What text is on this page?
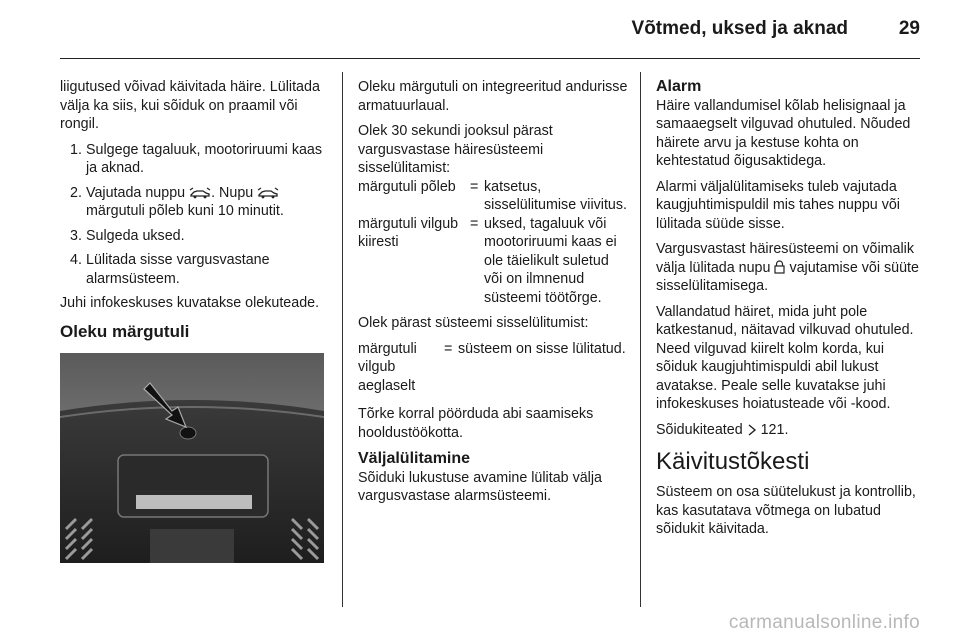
Võtmed, uksed ja aknad	29

liigutused võivad käivitada häire. Lülitada välja ka siis, kui sõiduk on praamil või rongil.

1. Sulgege tagaluuk, mootoriruumi kaas ja aknad.
2. Vajutada nuppu . Nupu  märgutuli põleb kuni 10 minutit.
3. Sulgeda uksed.
4. Lülitada sisse vargusvastane alarmsüsteem.

Juhi infokeskuses kuvatakse olekuteade.

Oleku märgutuli

Oleku märgutuli on integreeritud andurisse armatuurlaual.

Olek 30 sekundi jooksul pärast vargusvastase häiresüsteemi sisselülitamist:

märgutuli põleb	=	katsetus, sisselülitumise viivitus.
märgutuli vilgub kiiresti	=	uksed, tagaluuk või mootoriruumi kaas ei ole täielikult suletud või on ilmnenud süsteemi töötõrge.

Olek pärast süsteemi sisselülitumist:

märgutuli vilgub aeglaselt	=	süsteem on sisse lülitatud.

Tõrke korral pöörduda abi saamiseks hooldustöökotta.

Väljalülitamine

Sõiduki lukustuse avamine lülitab välja vargusvastase alarmsüsteemi.

Alarm

Häire vallandumisel kõlab helisignaal ja samaaegselt vilguvad ohutuled. Nõuded häirete arvu ja kestuse kohta on kehtestatud õigusaktidega.

Alarmi väljalülitamiseks tuleb vajutada kaugjuhtimispuldil mis tahes nuppu või lülitada süüde sisse.

Vargusvastast häiresüsteemi on võimalik välja lülitada nupu vajutamise või süüte sisselülitamisega.

Vallandatud häiret, mida juht pole katkestanud, näitavad vilkuvad ohutuled. Need vilguvad kiirelt kolm korda, kui sõiduk kaugjuhtimispuldi abil lukust avatakse. Peale selle kuvatakse juhi infokeskuses hoiatusteade või -kood.

Sõidukiteated 121.

Käivitustõkesti

Süsteem on osa süütelukust ja kontrollib, kas kasutatava võtmega on lubatud sõidukit käivitada.

carmanualsonline.info
